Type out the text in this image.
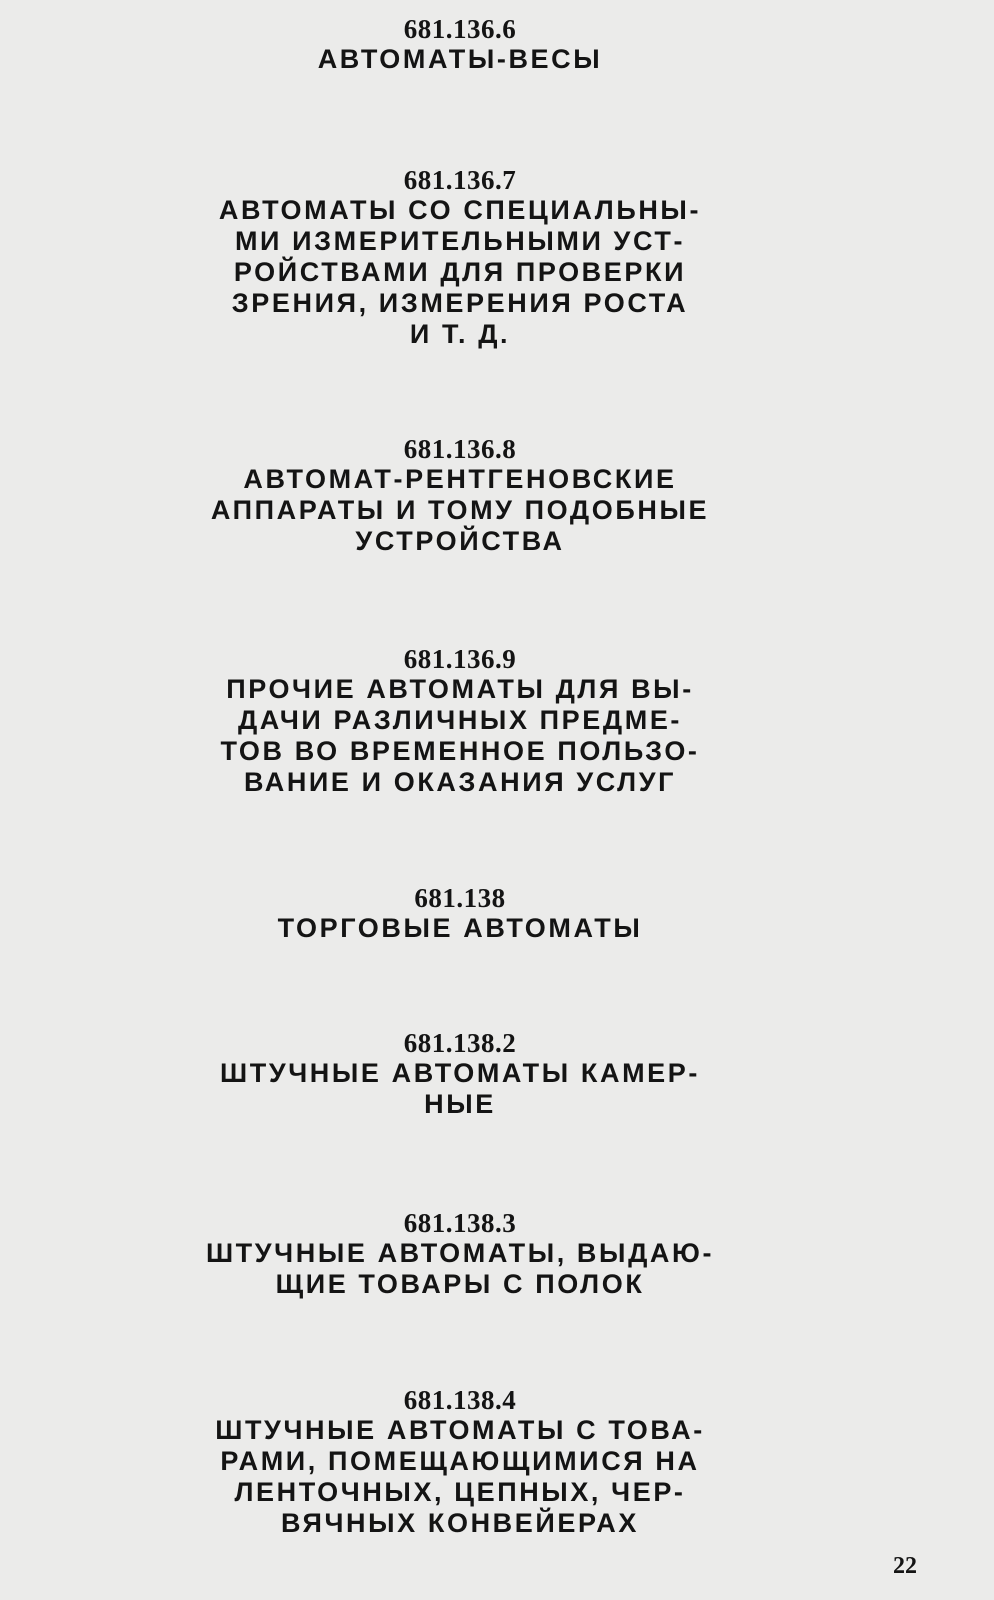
681.136.6
АВТОМАТЫ-ВЕСЫ
681.136.7
АВТОМАТЫ СО СПЕЦИАЛЬНЫ-
МИ ИЗМЕРИТЕЛЬНЫМИ УСТ-
РОЙСТВАМИ ДЛЯ ПРОВЕРКИ
ЗРЕНИЯ, ИЗМЕРЕНИЯ РОСТА
И Т. Д.
681.136.8
АВТОМАТ-РЕНТГЕНОВСКИЕ
АППАРАТЫ И ТОМУ ПОДОБНЫЕ
УСТРОЙСТВА
681.136.9
ПРОЧИЕ АВТОМАТЫ ДЛЯ ВЫ-
ДАЧИ РАЗЛИЧНЫХ ПРЕДМЕ-
ТОВ ВО ВРЕМЕННОЕ ПОЛЬЗО-
ВАНИЕ И ОКАЗАНИЯ УСЛУГ
681.138
ТОРГОВЫЕ АВТОМАТЫ
681.138.2
ШТУЧНЫЕ АВТОМАТЫ КАМЕР-
НЫЕ
681.138.3
ШТУЧНЫЕ АВТОМАТЫ, ВЫДАЮ-
ЩИЕ ТОВАРЫ С ПОЛОК
681.138.4
ШТУЧНЫЕ АВТОМАТЫ С ТОВА-
РАМИ, ПОМЕЩАЮЩИМИСЯ НА
ЛЕНТОЧНЫХ, ЦЕПНЫХ, ЧЕР-
ВЯЧНЫХ КОНВЕЙЕРАХ
22
